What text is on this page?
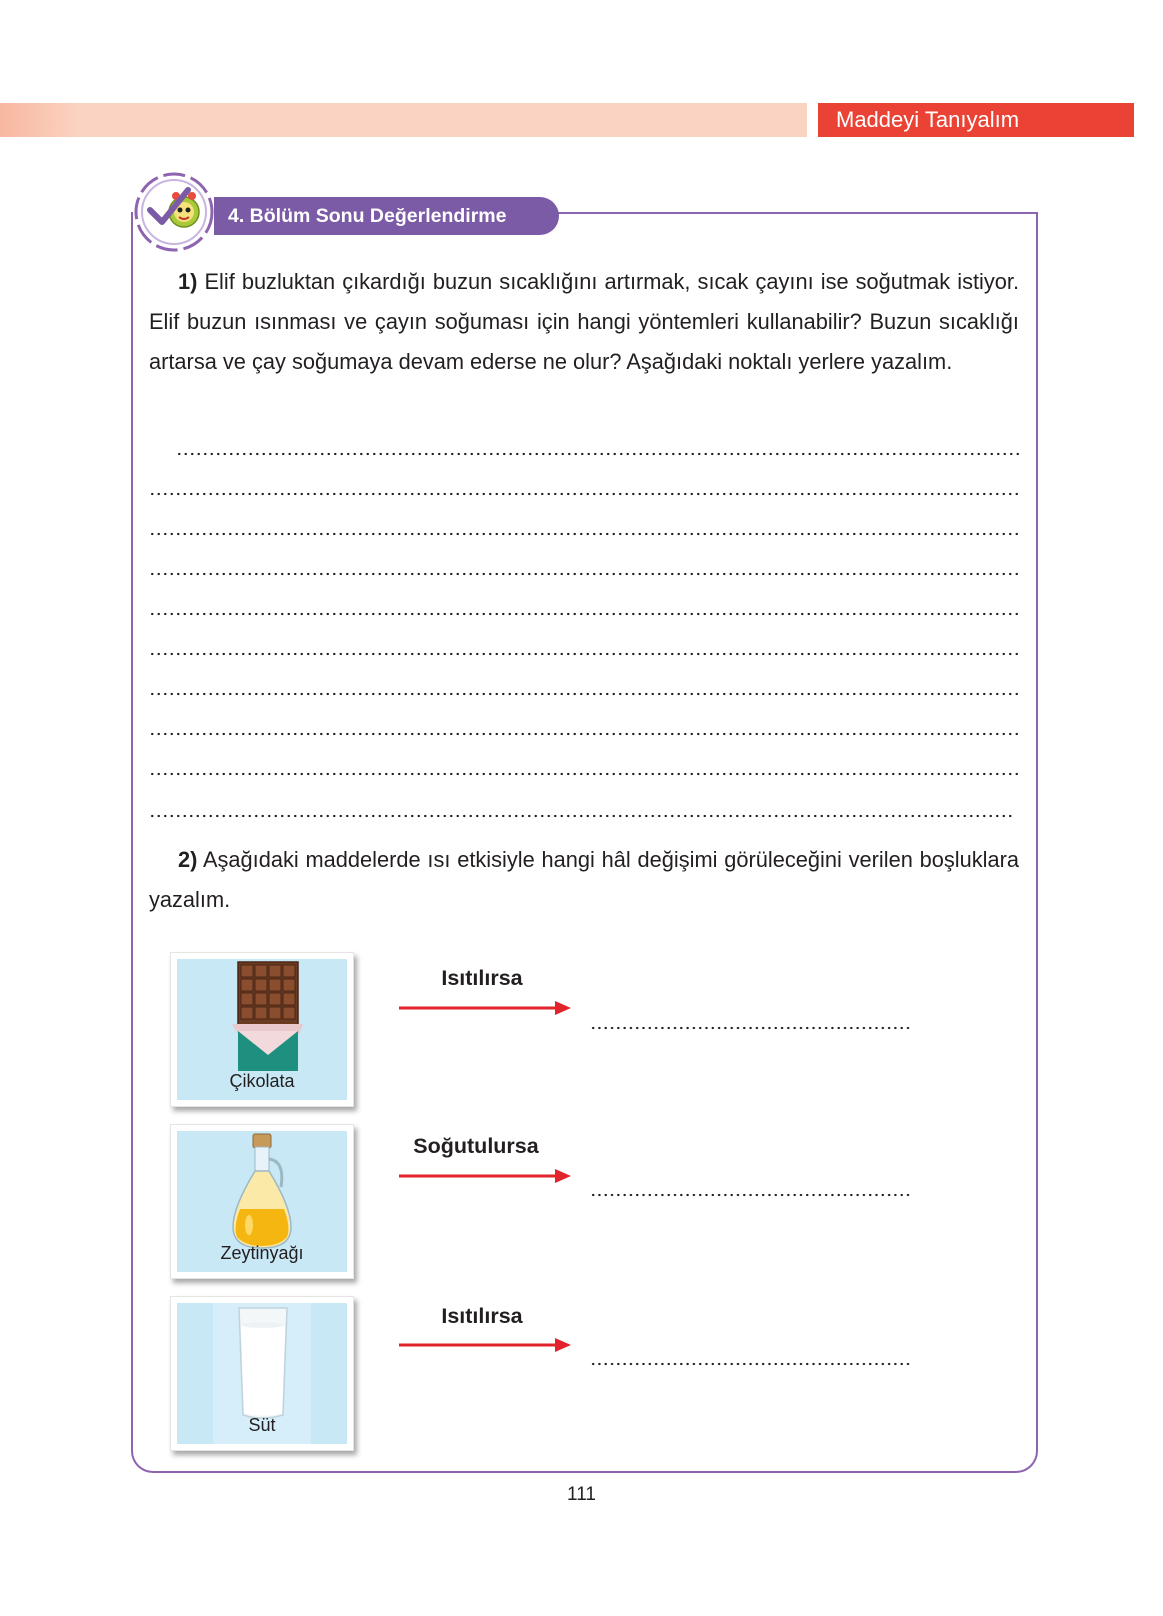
Maddeyi Tanıyalım
4. Bölüm Sonu Değerlendirme
1) Elif buzluktan çıkardığı buzun sıcaklığını artırmak, sıcak çayını ise soğutmak istiyor. Elif buzun ısınması ve çayın soğuması için hangi yöntemleri kullanabilir? Buzun sıcaklığı artarsa ve çay soğumaya devam ederse ne olur? Aşağıdaki noktalı yerlere yazalım.
2) Aşağıdaki maddelerde ısı etkisiyle hangi hâl değişimi görüleceğini verilen boşluklara yazalım.
Çikolata
Isıtılırsa
Zeytinyağı
Soğutulursa
Süt
Isıtılırsa
111
